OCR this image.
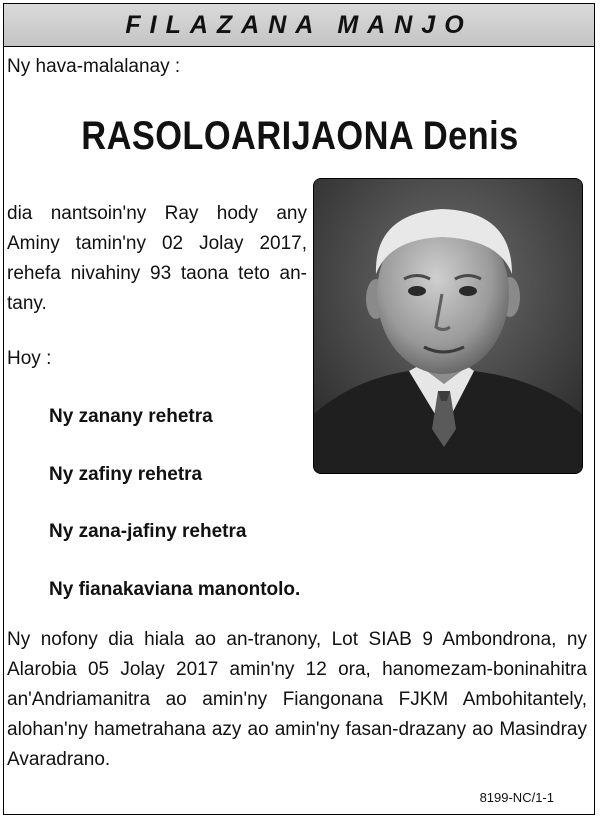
FILAZANA MANJO
Ny hava-malalanay :
RASOLOARIJAONA Denis
dia nantsoin'ny Ray hody any Aminy tamin'ny 02 Jolay 2017, rehefa nivahiny 93 taona teto an-tany.
Hoy :
Ny zanany rehetra
Ny zafiny rehetra
Ny zana-jafiny rehetra
Ny fianakaviana manontolo.
Ny nofony dia hiala ao an-tranony, Lot SIAB 9 Ambondrona, ny Alarobia 05 Jolay 2017 amin'ny 12 ora, hanomezam-boninahitra an'Andriamanitra ao amin'ny Fiangonana FJKM Ambohitantely, alohan'ny hametrahana azy ao amin'ny fasan-drazany ao Masindray Avaradrano.
8199-NC/1-1
